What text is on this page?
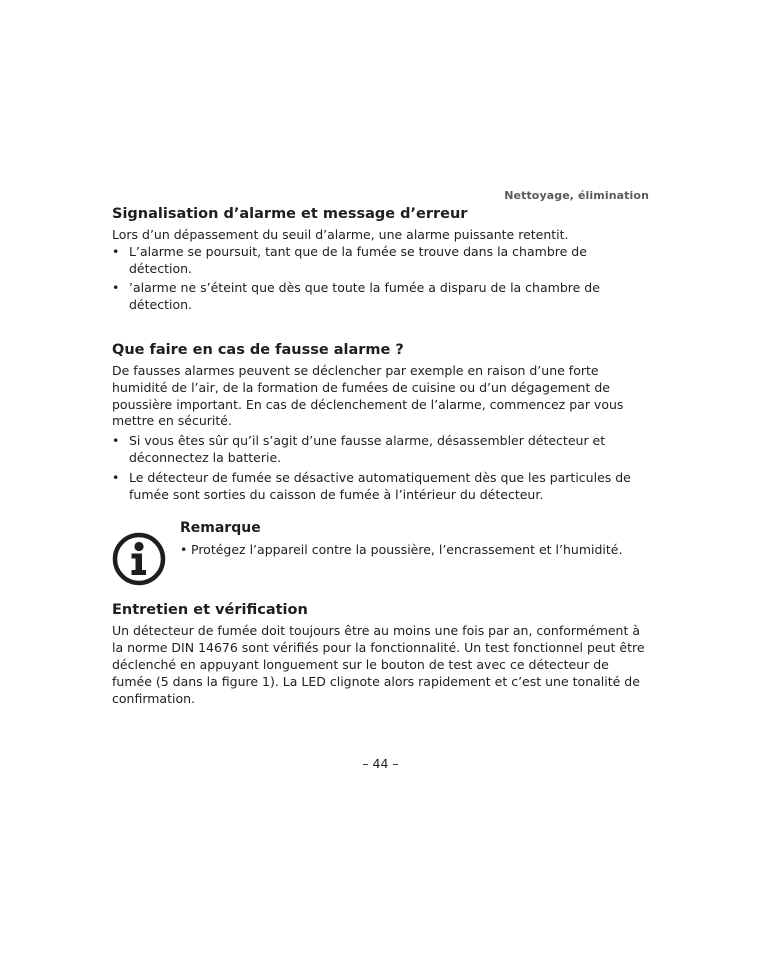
Nettoyage, élimination
Signalisation d’alarme et message d’erreur

Lors d’un dépassement du seuil d’alarme, une alarme puissante retentit.

• L’alarme se poursuit, tant que de la fumée se trouve dans la chambre de détection.
• ’alarme ne s’éteint que dès que toute la fumée a disparu de la chambre de détection.
Que faire en cas de fausse alarme ?

De fausses alarmes peuvent se déclencher par exemple en raison d’une forte humidité de l’air, de la formation de fumées de cuisine ou d’un dégagement de poussière important. En cas de déclenchement de l’alarme, commencez par vous mettre en sécurité.

• Si vous êtes sûr qu’il s’agit d’une fausse alarme, désassembler détecteur et déconnectez la batterie.
• Le détecteur de fumée se désactive automatiquement dès que les particules de fumée sont sorties du caisson de fumée à l’intérieur du détecteur.
Remarque
• Protégez l’appareil contre la poussière, l’encrassement et l’humidité.
Entretien et vérification

Un détecteur de fumée doit toujours être au moins une fois par an, conformément à la norme DIN 14676 sont vérifiés pour la fonctionnalité. Un test fonctionnel peut être déclenché en appuyant longuement sur le bouton de test avec ce détecteur de fumée (5 dans la figure 1). La LED clignote alors rapidement et c’est une tonalité de confirmation.

– 44 –
